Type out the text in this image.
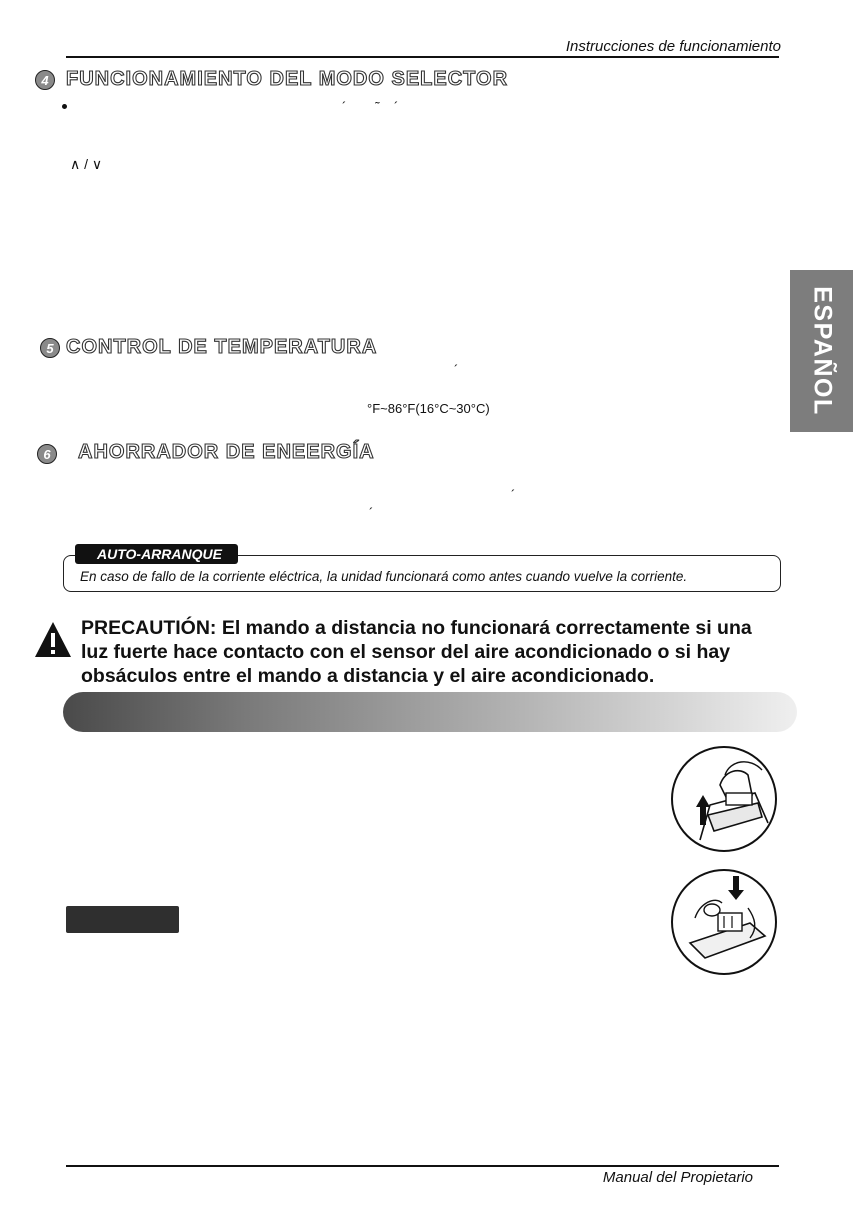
Instrucciones de funcionamiento
4 FUNCIONAMIENTO DEL MODO SELECTOR
´        ˜    ´
∧ / ∨
ESPAÑOL
5 CONTROL DE TEMPERATURA
´
°F~86°F(16°C~30°C)
6	AHORRADOR DE ENEERGÍA
´
´
AUTO-ARRANQUE
En caso de fallo de la corriente eléctrica, la unidad funcionará como antes cuando vuelve la corriente.
PRECAUTIÓN: El mando a distancia no funcionará correctamente si una luz fuerte hace contacto con el sensor del aire acondicionado o si hay obsáculos entre el mando a distancia y el aire acondicionado.
Manual del Propietario
